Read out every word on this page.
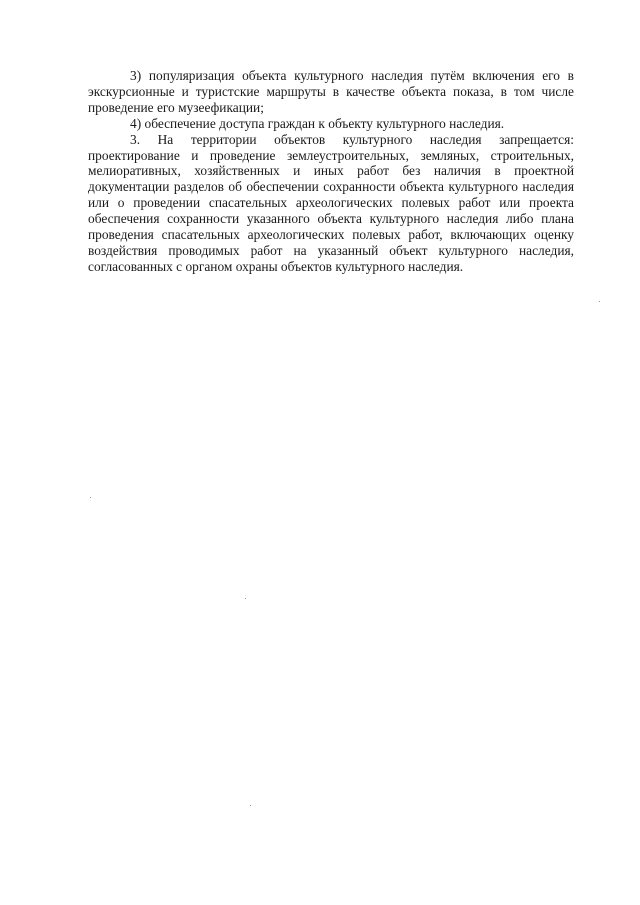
3) популяризация объекта культурного наследия путём включения его в экскурсионные и туристские маршруты в качестве объекта показа, в том числе проведение его музеефикации;

4) обеспечение доступа граждан к объекту культурного наследия.

3. На территории объектов культурного наследия запрещается: проектирование и проведение землеустроительных, земляных, строительных, мелиоративных, хозяйственных и иных работ без наличия в проектной документации разделов об обеспечении сохранности объекта культурного наследия или о проведении спасательных археологических полевых работ или проекта обеспечения сохранности указанного объекта культурного наследия либо плана проведения спасательных археологических полевых работ, включающих оценку воздействия проводимых работ на указанный объект культурного наследия, согласованных с органом охраны объектов культурного наследия.
